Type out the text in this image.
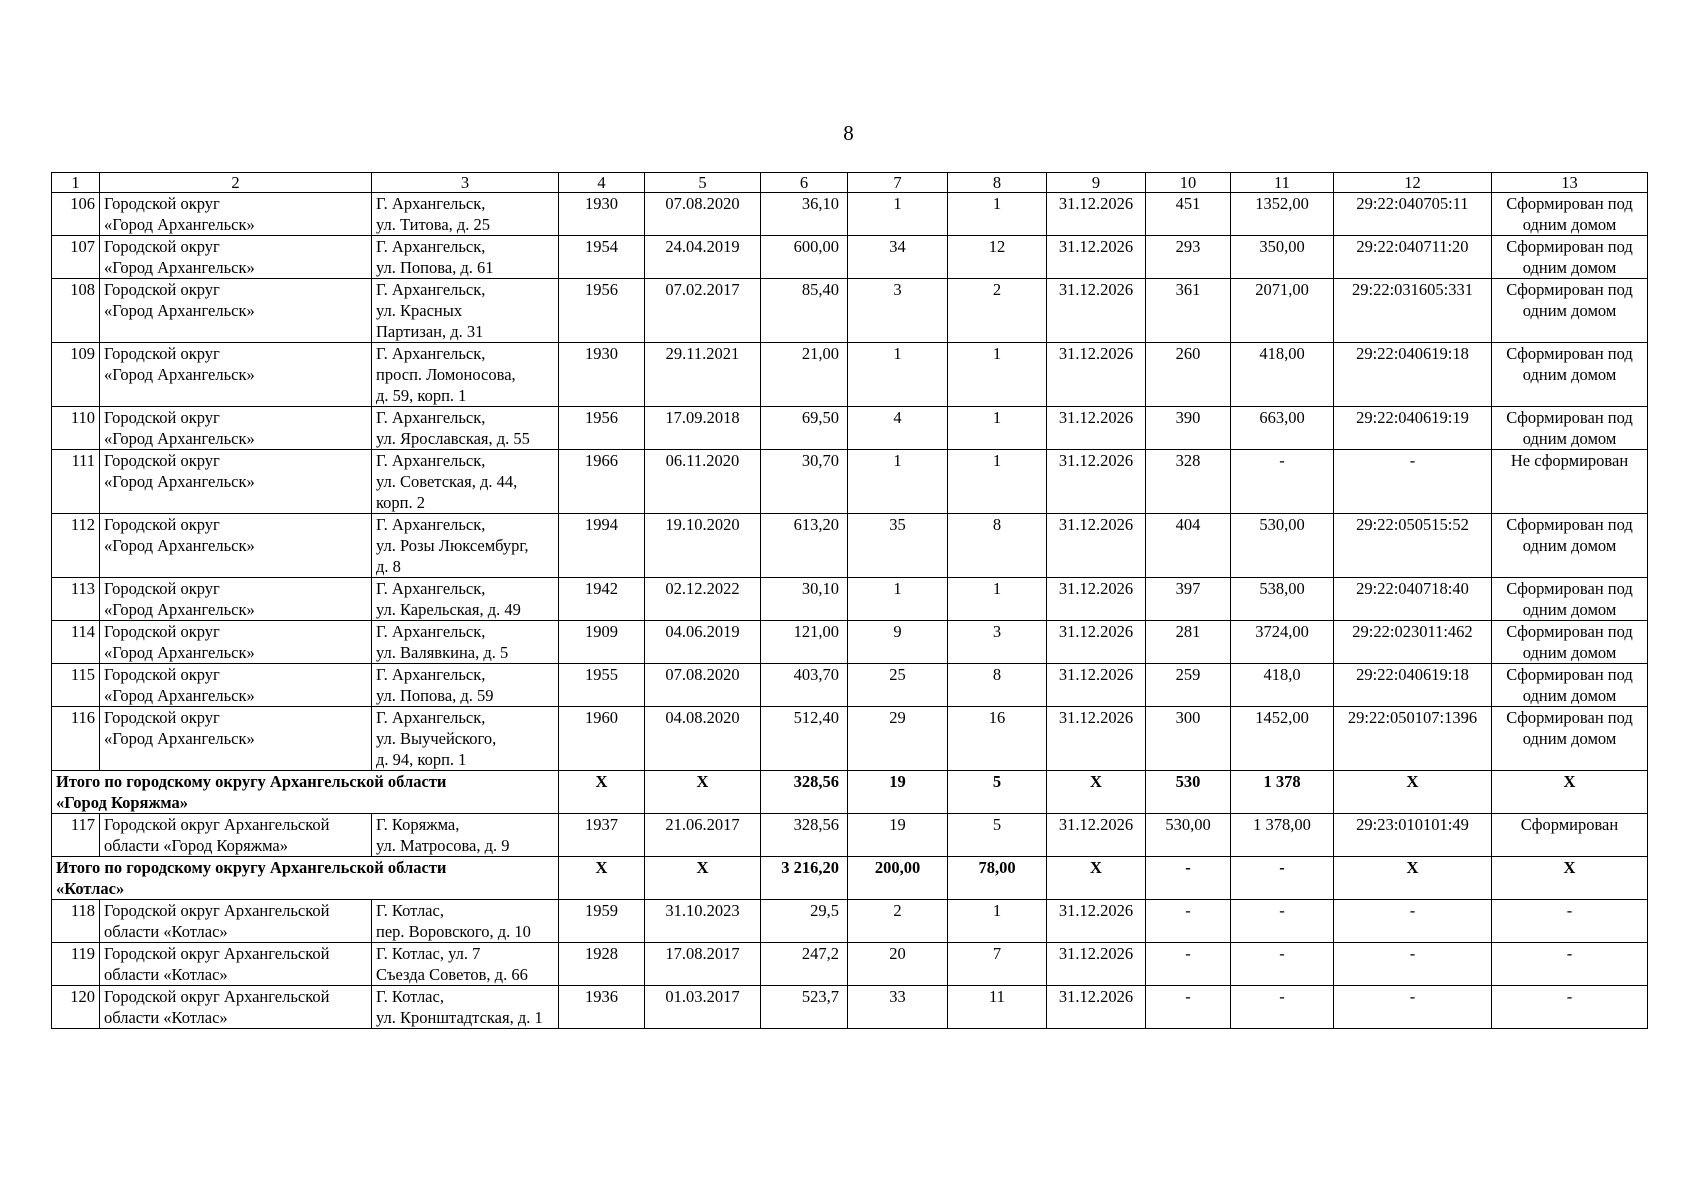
8
1	2	3	4	5	6	7	8	9	10	11	12	13
106	Городской округ
«Город Архангельск»	Г. Архангельск,
ул. Титова, д. 25	1930	07.08.2020	36,10	1	1	31.12.2026	451	1352,00	29:22:040705:11	Сформирован под
одним домом

107	Городской округ
«Город Архангельск»	Г. Архангельск,
ул. Попова, д. 61	1954	24.04.2019	600,00	34	12	31.12.2026	293	350,00	29:22:040711:20	Сформирован под
одним домом

108	Городской округ
«Город Архангельск»	Г. Архангельск,
ул. Красных
Партизан, д. 31	1956	07.02.2017	85,40	3	2	31.12.2026	361	2071,00	29:22:031605:331	Сформирован под
одним домом

109	Городской округ
«Город Архангельск»	Г. Архангельск,
просп. Ломоносова,
д. 59, корп. 1	1930	29.11.2021	21,00	1	1	31.12.2026	260	418,00	29:22:040619:18	Сформирован под
одним домом

110	Городской округ
«Город Архангельск»	Г. Архангельск,
ул. Ярославская, д. 55	1956	17.09.2018	69,50	4	1	31.12.2026	390	663,00	29:22:040619:19	Сформирован под
одним домом

111	Городской округ
«Город Архангельск»	Г. Архангельск,
ул. Советская, д. 44,
корп. 2	1966	06.11.2020	30,70	1	1	31.12.2026	328	-	-	Не сформирован

112	Городской округ
«Город Архангельск»	Г. Архангельск,
ул. Розы Люксембург,
д. 8	1994	19.10.2020	613,20	35	8	31.12.2026	404	530,00	29:22:050515:52	Сформирован под
одним домом

113	Городской округ
«Город Архангельск»	Г. Архангельск,
ул. Карельская, д. 49	1942	02.12.2022	30,10	1	1	31.12.2026	397	538,00	29:22:040718:40	Сформирован под
одним домом

114	Городской округ
«Город Архангельск»	Г. Архангельск,
ул. Валявкина, д. 5	1909	04.06.2019	121,00	9	3	31.12.2026	281	3724,00	29:22:023011:462	Сформирован под
одним домом

115	Городской округ
«Город Архангельск»	Г. Архангельск,
ул. Попова, д. 59	1955	07.08.2020	403,70	25	8	31.12.2026	259	418,0	29:22:040619:18	Сформирован под
одним домом

116	Городской округ
«Город Архангельск»	Г. Архангельск,
ул. Выучейского,
д. 94, корп. 1	1960	04.08.2020	512,40	29	16	31.12.2026	300	1452,00	29:22:050107:1396	Сформирован под
одним домом

Итого по городскому округу Архангельской области
«Город Коряжма»			X	X	328,56	19	5	X	530	1 378	X	X

117	Городской округ Архангельской
области «Город Коряжма»	Г. Коряжма,
ул. Матросова, д. 9	1937	21.06.2017	328,56	19	5	31.12.2026	530,00	1 378,00	29:23:010101:49	Сформирован

Итого по городскому округу Архангельской области
«Котлас»			X	X	3 216,20	200,00	78,00	X	-	-	X	X

118	Городской округ Архангельской
области «Котлас»	Г. Котлас,
пер. Воровского, д. 10	1959	31.10.2023	29,5	2	1	31.12.2026	-	-	-	-

119	Городской округ Архангельской
области «Котлас»	Г. Котлас, ул. 7
Съезда Советов, д. 66	1928	17.08.2017	247,2	20	7	31.12.2026	-	-	-	-

120	Городской округ Архангельской
области «Котлас»	Г. Котлас,
ул. Кронштадтская, д. 1	1936	01.03.2017	523,7	33	11	31.12.2026	-	-	-	-
